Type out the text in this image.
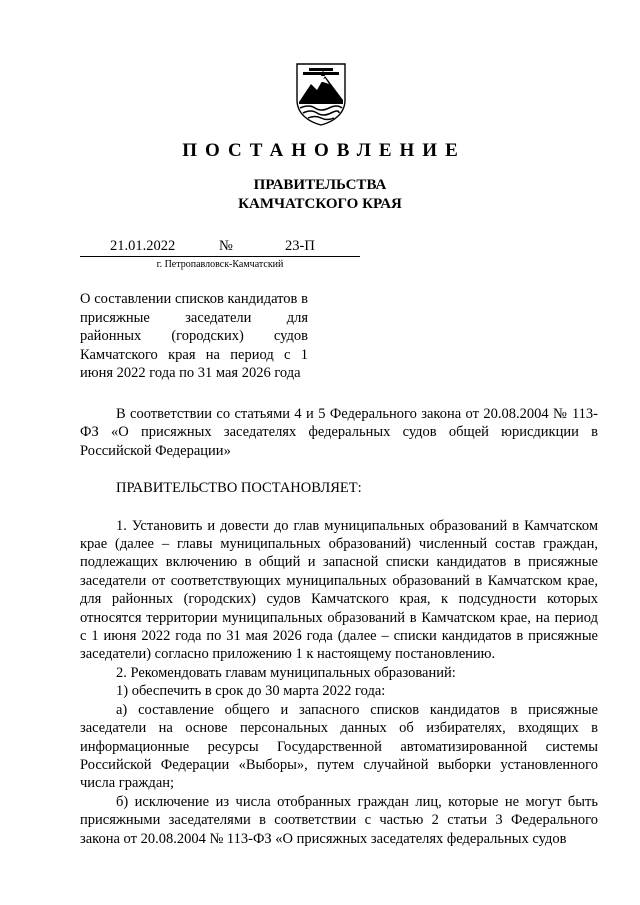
ПОСТАНОВЛЕНИЕ
ПРАВИТЕЛЬСТВА
КАМЧАТСКОГО КРАЯ
21.01.2022	№	23-П
г. Петропавловск-Камчатский
О составлении списков кандидатов в присяжные заседатели для районных (городских) судов Камчатского края на период с 1 июня 2022 года по 31 мая 2026 года

В соответствии со статьями 4 и 5 Федерального закона от 20.08.2004 № 113-ФЗ «О присяжных заседателях федеральных судов общей юрисдикции в Российской Федерации»

ПРАВИТЕЛЬСТВО ПОСТАНОВЛЯЕТ:

1. Установить и довести до глав муниципальных образований в Камчатском крае (далее – главы муниципальных образований) численный состав граждан, подлежащих включению в общий и запасной списки кандидатов в присяжные заседатели от соответствующих муниципальных образований в Камчатском крае, для районных (городских) судов Камчатского края, к подсудности которых относятся территории муниципальных образований в Камчатском крае, на период с 1 июня 2022 года по 31 мая 2026 года (далее – списки кандидатов в присяжные заседатели) согласно приложению 1 к настоящему постановлению.

2. Рекомендовать главам муниципальных образований:

1) обеспечить в срок до 30 марта 2022 года:

а) составление общего и запасного списков кандидатов в присяжные заседатели на основе персональных данных об избирателях, входящих в информационные ресурсы Государственной автоматизированной системы Российской Федерации «Выборы», путем случайной выборки установленного числа граждан;

б) исключение из числа отобранных граждан лиц, которые не могут быть присяжными заседателями в соответствии с частью 2 статьи 3 Федерального закона от 20.08.2004 № 113-ФЗ «О присяжных заседателях федеральных судов
